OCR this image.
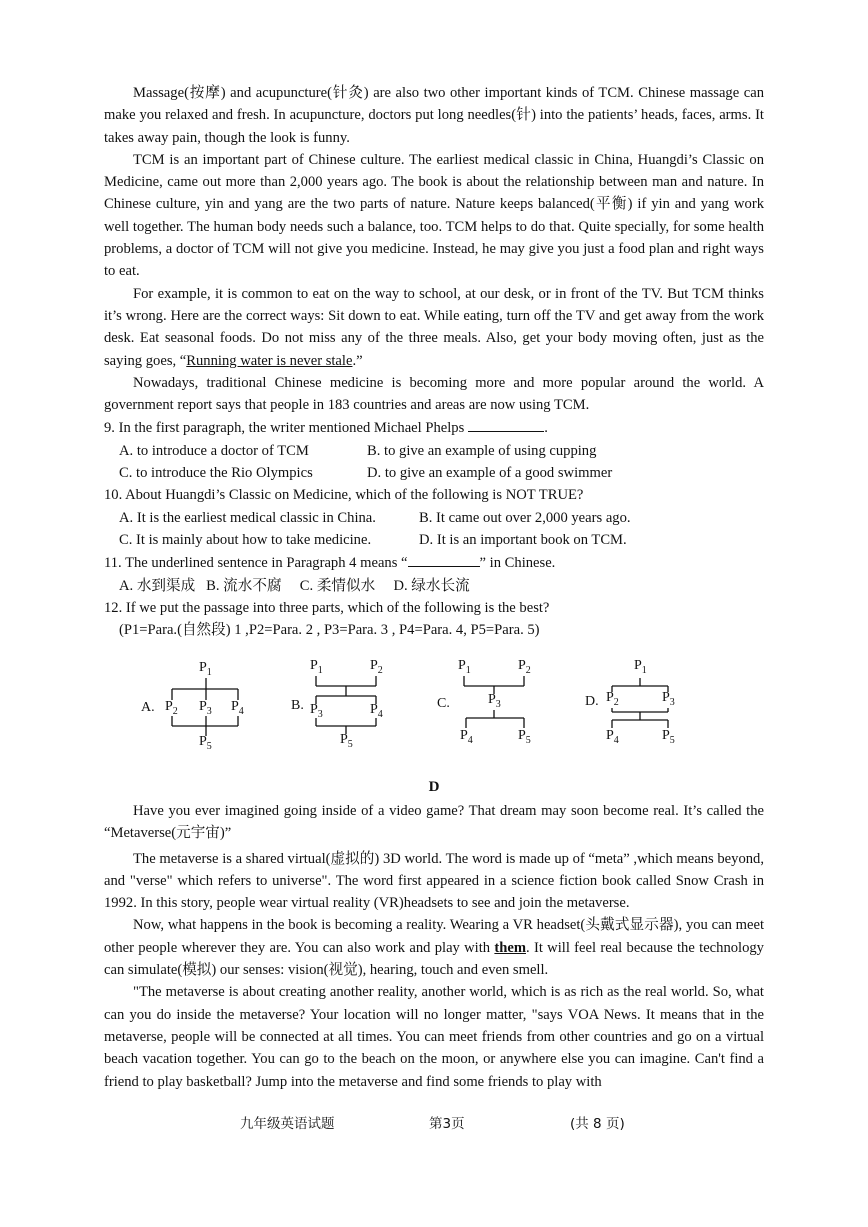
Massage(按摩) and acupuncture(针灸) are also two other important kinds of TCM. Chinese massage can make you relaxed and fresh. In acupuncture, doctors put long needles(针) into the patients’ heads, faces, arms. It takes away pain, though the look is funny.

TCM is an important part of Chinese culture. The earliest medical classic in China, Huangdi’s Classic on Medicine, came out more than 2,000 years ago. The book is about the relationship between man and nature. In Chinese culture, yin and yang are the two parts of nature. Nature keeps balanced(平衡) if yin and yang work well together. The human body needs such a balance, too. TCM helps to do that. Quite specially, for some health problems, a doctor of TCM will not give you medicine. Instead, he may give you just a food plan and right ways to eat.

For example, it is common to eat on the way to school, at our desk, or in front of the TV. But TCM thinks it’s wrong. Here are the correct ways: Sit down to eat. While eating, turn off the TV and get away from the work desk. Eat seasonal foods. Do not miss any of the three meals. Also, get your body moving often, just as the saying goes, “Running water is never stale.”

Nowadays, traditional Chinese medicine is becoming more and more popular around the world. A government report says that people in 183 countries and areas are now using TCM.

9. In the first paragraph, the writer mentioned Michael Phelps	.

A. to introduce a doctor of TCM	B. to give an example of using cupping
C. to introduce the Rio Olympics	D. to give an example of a good swimmer

10. About Huangdi’s Classic on Medicine, which of the following is NOT TRUE?

A. It is the earliest medical classic in China.	B. It came out over 2,000 years ago.
C. It is mainly about how to take medicine.	D. It is an important book on TCM.

11. The underlined sentence in Paragraph 4 means “	” in Chinese.

A. 水到渠成   B. 流水不腐     C. 柔情似水     D. 绿水长流

12. If we put the passage into three parts, which of the following is the best?

(P1=Para.(自然段) 1 ,P2=Para. 2 , P3=Para. 3 , P4=Para. 4, P5=Para. 5)
A.	B.	C.	D.
$P_1$
$P_2$ $P_3$ $P_4$
$P_5$
$P_1$	$P_2$
$P_3$	$P_4$
$P_5$
$P_1$	$P_2$
$P_3$
$P_4$	$P_5$
$P_1$
$P_2$	$P_3$
$P_4$	$P_5$
D

Have you ever imagined going inside of a video game? That dream may soon become real. It’s called the “Metaverse(元宇宙)”

The metaverse is a shared virtual(虚拟的) 3D world. The word is made up of “meta” ,which means beyond, and "verse" which refers to universe". The word first appeared in a science fiction book called Snow Crash in 1992. In this story, people wear virtual reality (VR)headsets to see and join the metaverse.

Now, what happens in the book is becoming a reality. Wearing a VR headset(头戴式显示器), you can meet other people wherever they are. You can also work and play with them. It will feel real because the technology can simulate(模拟) our senses: vision(视觉), hearing, touch and even smell.

"The metaverse is about creating another reality, another world, which is as rich as the real world. So, what can you do inside the metaverse? Your location will no longer matter, "says VOA News. It means that in the metaverse, people will be connected at all times. You can meet friends from other countries and go on a virtual beach vacation together. You can go to the beach on the moon, or anywhere else you can imagine. Can't find a friend to play basketball? Jump into the metaverse and find some friends to play with

九年级英语试题	第3页	(共 8 页)
